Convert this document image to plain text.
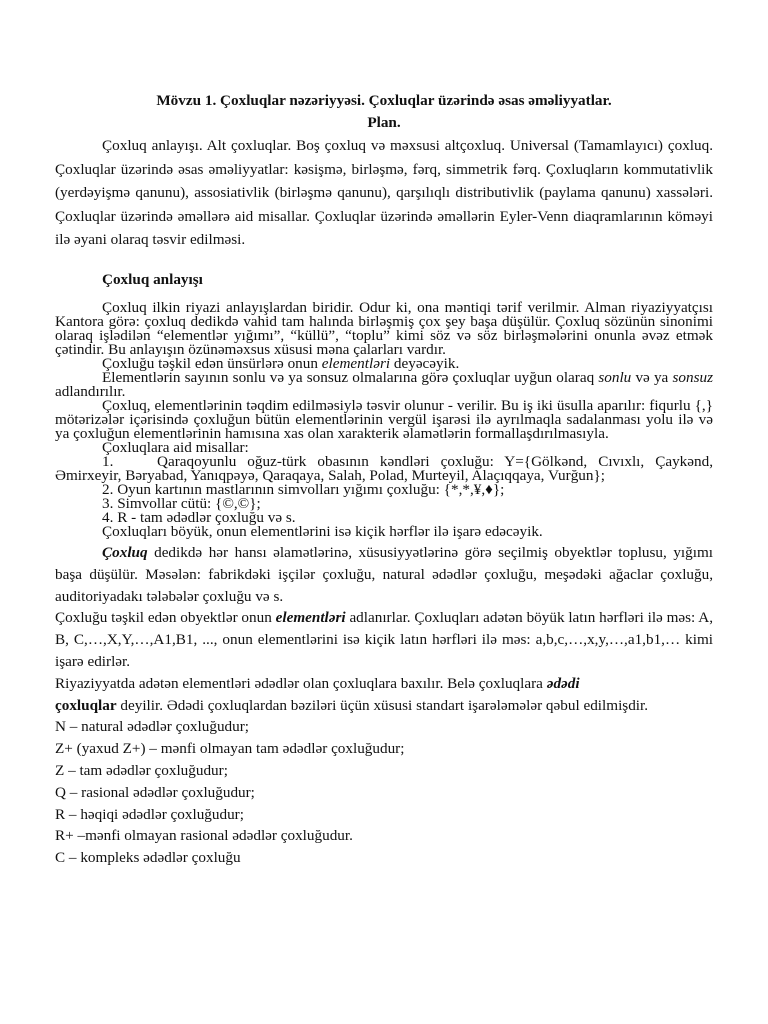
Mövzu 1. Çoxluqlar nəzəriyyəsi. Çoxluqlar üzərində əsas əməliyyatlar.
Plan.
Çoxluq anlayışı. Alt çoxluqlar. Boş çoxluq və məxsusi altçoxluq. Universal (Tamamlayıcı) çoxluq. Çoxluqlar üzərində əsas əməliyyatlar: kəsişmə, birləşmə, fərq, simmetrik fərq. Çoxluqların kommutativlik (yerdəyişmə qanunu), assosiativlik (birləşmə qanunu), qarşılıqlı distributivlik (paylama qanunu) xassələri. Çoxluqlar üzərində əməllərə aid misallar. Çoxluqlar üzərində əməllərin Eyler-Venn diaqramlarının köməyi ilə əyani olaraq təsvir edilməsi.
Çoxluq anlayışı

Çoxluq ilkin riyazi anlayışlardan biridir. Odur ki, ona məntiqi tərif verilmir. Alman riyaziyyatçısı Kantora görə: çoxluq dedikdə vahid tam halında birləşmiş çox şey başa düşülür. Çoxluq sözünün sinonimi olaraq işlədilən “elementlər yığımı”, “küllü”, “toplu” kimi söz və söz birləşmələrini onunla əvəz etmək çətindir. Bu anlayışın özünəməxsus xüsusi məna çalarları vardır.

Çoxluğu təşkil edən ünsürlərə onun elementləri deyəcəyik.

Elementlərin sayının sonlu və ya sonsuz olmalarına görə çoxluqlar uyğun olaraq sonlu və ya sonsuz adlandırılır.

Çoxluq, elementlərinin təqdim edilməsiylə təsvir olunur - verilir. Bu iş iki üsulla aparılır: fiqurlu {,} mötərizələr içərisində çoxluğun bütün elementlərinin vergül işarəsi ilə ayrılmaqla sadalanması yolu ilə və ya çoxluğun elementlərinin hamısına xas olan xarakterik əlamətlərin formallaşdırılmasıyla.

Çoxluqlara aid misallar:

1.	Qaraqoyunlu oğuz-türk obasının kəndləri çoxluğu: Y={Gölkənd, Cıvıxlı, Çaykənd, Əmirxeyir, Bəryabad, Yanıqpəyə, Qaraqaya, Salah, Polad, Murteyil, Alaçıqqaya, Vurğun};

2. Oyun kartının mastlarının simvolları yığımı çoxluğu: {*,*,¥,♦};

3. Simvollar cütü: {©,©};

4. R - tam ədədlər çoxluğu və s.

Çoxluqları böyük, onun elementlərini isə kiçik hərflər ilə işarə edəcəyik.

Çoxluq dedikdə hər hansı əlamətlərinə, xüsusiyyətlərinə görə seçilmiş obyektlər toplusu, yığımı başa düşülür. Məsələn: fabrikdəki işçilər çoxluğu, natural ədədlər çoxluğu, meşədəki ağaclar çoxluğu, auditoriyadakı tələbələr çoxluğu və s.

Çoxluğu təşkil edən obyektlər onun elementləri adlanırlar. Çoxluqları adətən böyük latın hərfləri ilə məs: A, B, C,…,X,Y,…,A1,B1, ..., onun elementlərini isə kiçik latın hərfləri ilə məs: a,b,c,…,x,y,…,a1,b1,… kimi işarə edirlər.

Riyaziyyatda adətən elementləri ədədlər olan çoxluqlara baxılır. Belə çoxluqlara ədədi
çoxluqlar deyilir. Ədədi çoxluqlardan bəziləri üçün xüsusi standart işarələmələr qəbul edilmişdir.

N – natural ədədlər çoxluğudur;

Z+ (yaxud Z+) – mənfi olmayan tam ədədlər çoxluğudur;

Z – tam ədədlər çoxluğudur;

Q – rasional ədədlər çoxluğudur;

R – həqiqi ədədlər çoxluğudur;

R+ –mənfi olmayan rasional ədədlər çoxluğudur.

C – kompleks ədədlər çoxluğu
